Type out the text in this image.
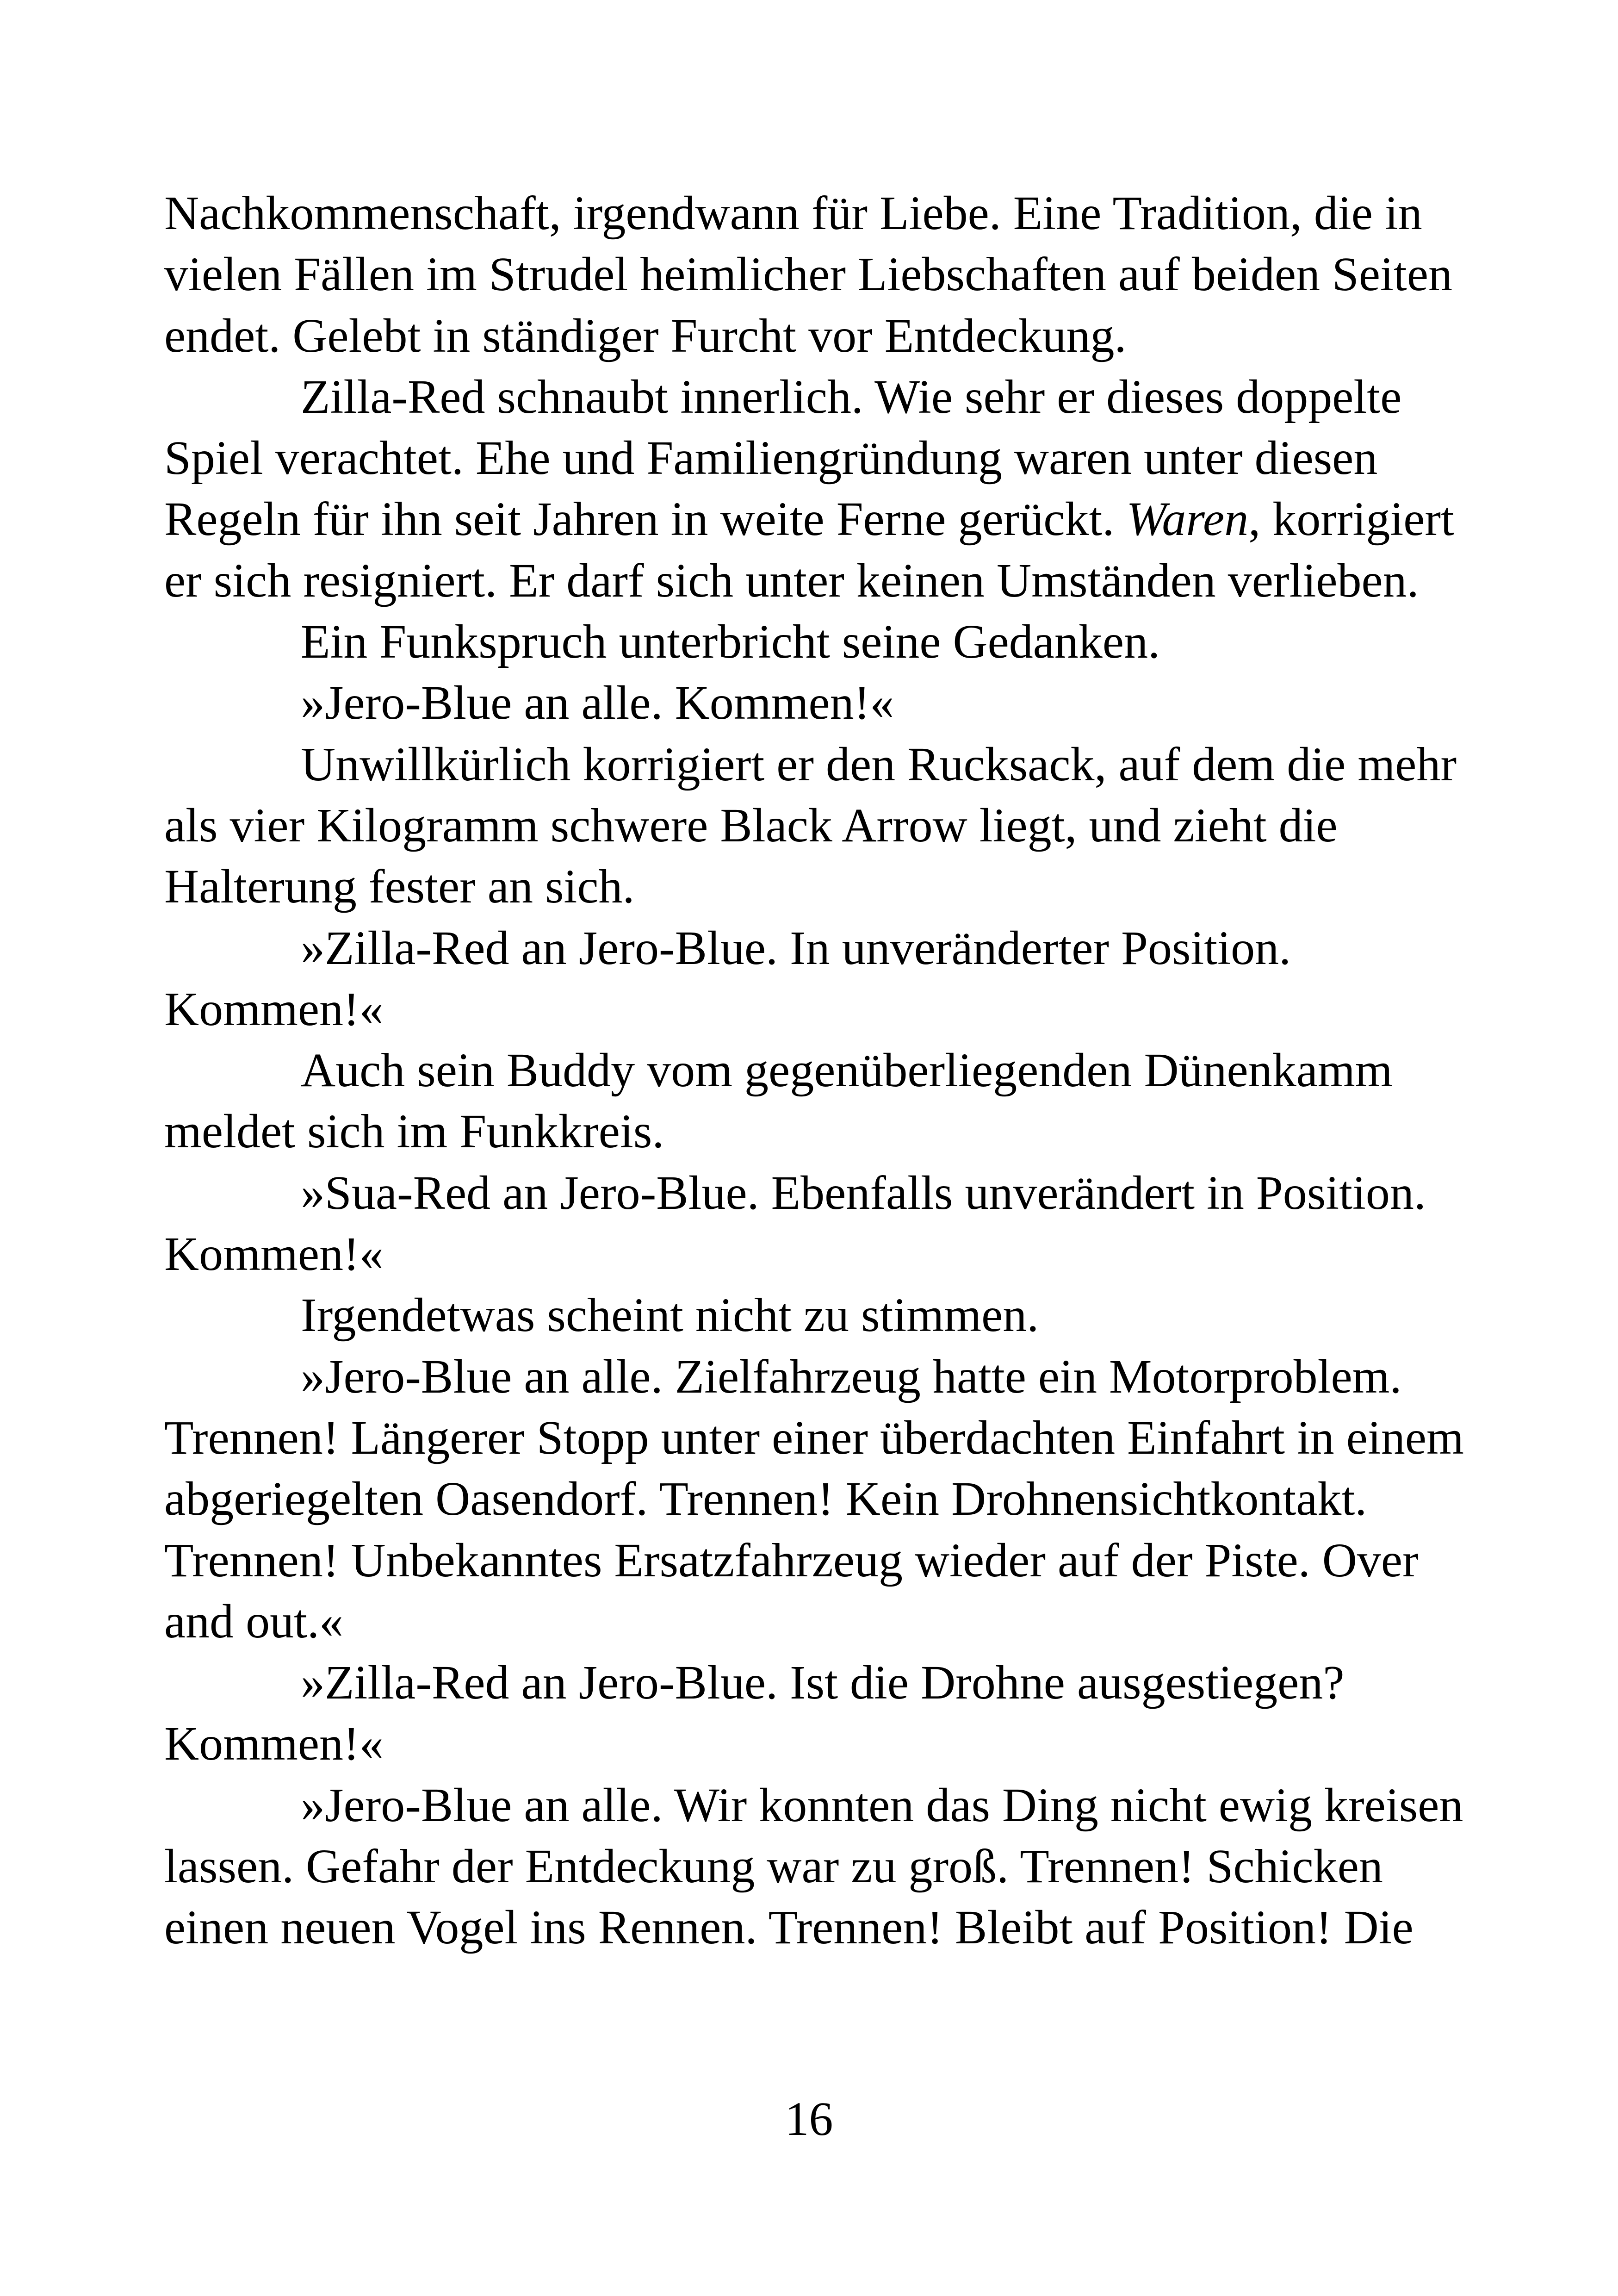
Nachkommenschaft, irgendwann für Liebe. Eine Tradition, die in
vielen Fällen im Strudel heimlicher Liebschaften auf beiden Seiten
endet. Gelebt in ständiger Furcht vor Entdeckung.
Zilla-Red schnaubt innerlich. Wie sehr er dieses doppelte
Spiel verachtet. Ehe und Familiengründung waren unter diesen
Regeln für ihn seit Jahren in weite Ferne gerückt. Waren, korrigiert
er sich resigniert. Er darf sich unter keinen Umständen verlieben.
Ein Funkspruch unterbricht seine Gedanken.
»Jero-Blue an alle. Kommen!«
Unwillkürlich korrigiert er den Rucksack, auf dem die mehr
als vier Kilogramm schwere Black Arrow liegt, und zieht die
Halterung fester an sich.
»Zilla-Red an Jero-Blue. In unveränderter Position.
Kommen!«
Auch sein Buddy vom gegenüberliegenden Dünenkamm
meldet sich im Funkkreis.
»Sua-Red an Jero-Blue. Ebenfalls unverändert in Position.
Kommen!«
Irgendetwas scheint nicht zu stimmen.
»Jero-Blue an alle. Zielfahrzeug hatte ein Motorproblem.
Trennen! Längerer Stopp unter einer überdachten Einfahrt in einem
abgeriegelten Oasendorf. Trennen! Kein Drohnensichtkontakt.
Trennen! Unbekanntes Ersatzfahrzeug wieder auf der Piste. Over
and out.«
»Zilla-Red an Jero-Blue. Ist die Drohne ausgestiegen?
Kommen!«
»Jero-Blue an alle. Wir konnten das Ding nicht ewig kreisen
lassen. Gefahr der Entdeckung war zu groß. Trennen! Schicken
einen neuen Vogel ins Rennen. Trennen! Bleibt auf Position! Die
16
